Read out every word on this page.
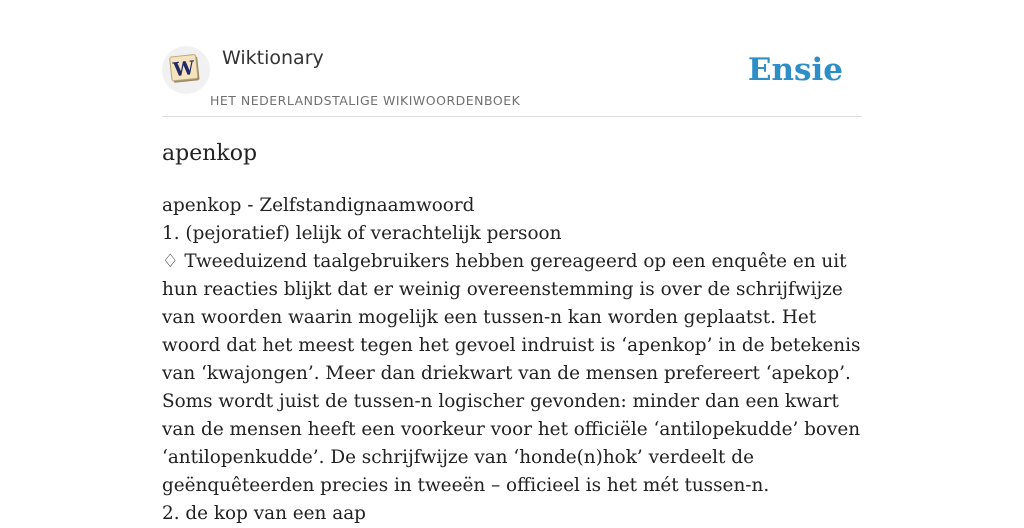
W Wiktionary
HET NEDERLANDSTALIGE WIKIWOORDENBOEK
Ensie
apenkop

apenkop - Zelfstandignaamwoord

1. (pejoratief) lelijk of verachtelijk persoon

♢ Tweeduizend taalgebruikers hebben gereageerd op een enquête en uit hun reacties blijkt dat er weinig overeenstemming is over de schrijfwijze van woorden waarin mogelijk een tussen-n kan worden geplaatst. Het woord dat het meest tegen het gevoel indruist is ‘apenkop’ in de betekenis van ‘kwajongen’. Meer dan driekwart van de mensen prefereert ‘apekop’. Soms wordt juist de tussen-n logischer gevonden: minder dan een kwart van de mensen heeft een voorkeur voor het officiële ‘antilopekudde’ boven ‘antilopenkudde’. De schrijfwijze van ‘honde(n)hok’ verdeelt de geënquêteerden precies in tweeën – officieel is het mét tussen-n.

2. de kop van een aap
